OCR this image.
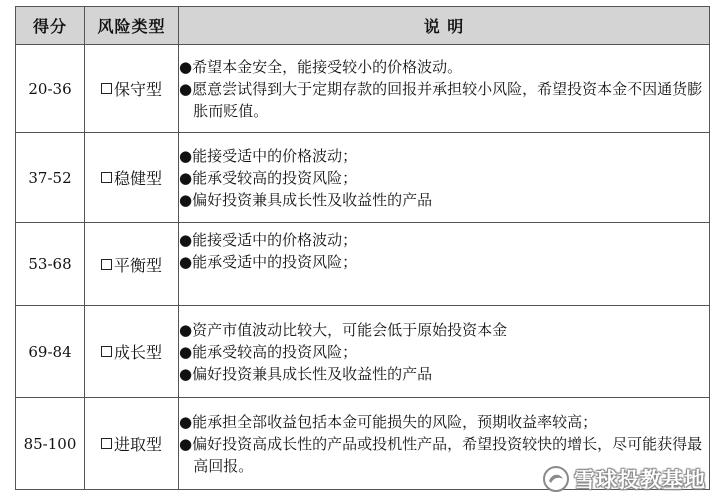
得分	风险类型	说 明
20-36	保守型	●希望本金安全，能接受较小的价格波动。
●愿意尝试得到大于定期存款的回报并承担较小风险，希望投资本金不因通货膨胀而贬值。

37-52	稳健型	●能接受适中的价格波动；
●能承受较高的投资风险；
●偏好投资兼具成长性及收益性的产品

53-68	平衡型	●能接受适中的价格波动；
●能承受适中的投资风险；

69-84	成长型	●资产市值波动比较大，可能会低于原始投资本金
●能承受较高的投资风险；
●偏好投资兼具成长性及收益性的产品

85-100	进取型	●能承担全部收益包括本金可能损失的风险，预期收益率较高；
●偏好投资高成长性的产品或投机性产品，希望投资较快的增长，尽可能获得最高回报。
雪球投教基地
